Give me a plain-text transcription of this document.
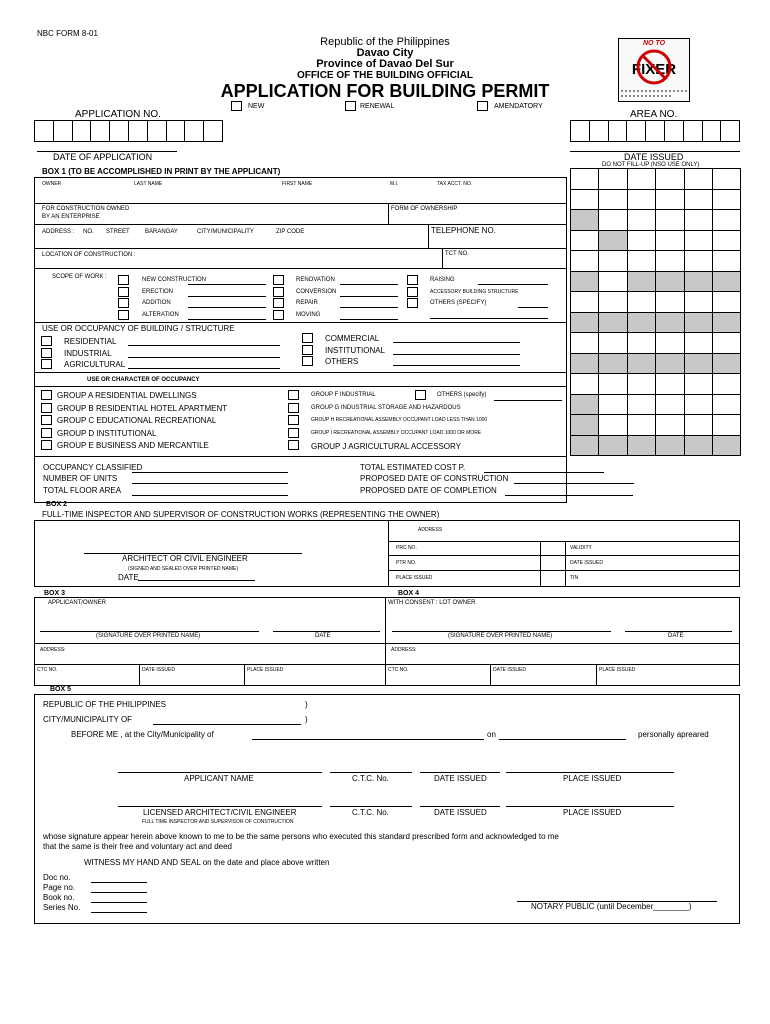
NBC FORM 8-01
Republic of the Philippines
Davao City
Province of Davao Del Sur
OFFICE OF THE BUILDING OFFICIAL
APPLICATION FOR BUILDING PERMIT
NO TO
FIXER
NEW	RENEWAL	AMENDATORY
APPLICATION NO.	AREA NO.
DATE OF APPLICATION	DATE ISSUED
DO NOT FILL-UP (NSO USE ONLY)
BOX 1 (TO BE ACCOMPLISHED IN PRINT BY THE APPLICANT)
OWNER	LAST NAME	FIRST NAME	M.I.	TAX ACCT. NO.
FOR CONSTRUCTION OWNED
BY AN ENTERPRISE
FORM OF OWNERSHIP
ADDRESS : NO. STREET	BARANGAY	CITY/MUNICIPALITY	ZIP CODE	TELEPHONE NO.
LOCATION OF CONSTRUCTION :	TCT NO.
SCOPE OF WORK :	NEW CONSTRUCTION
ERECTION
ADDITION
ALTERATION
RENOVATION
CONVERSION
REPAIR
MOVING
RAISING
ACCESSORY BUILDING STRUCTURE
OTHERS (SPECIFY)
USE OR OCCUPANCY OF BUILDING / STRUCTURE
RESIDENTIAL
INDUSTRIAL
AGRICULTURAL
COMMERCIAL
INSTITUTIONAL
OTHERS
USE OR CHARACTER OF OCCUPANCY
GROUP A RESIDENTIAL DWELLINGS
GROUP B RESIDENTIAL HOTEL APARTMENT
GROUP C EDUCATIONAL RECREATIONAL
GROUP D INSTITUTIONAL
GROUP E BUSINESS AND MERCANTILE
GROUP F INDUSTRIAL
GROUP G INDUSTRIAL STORAGE AND HAZARDOUS
GROUP H RECREATIONAL ASSEMBLY OCCUPANT LOAD LESS THAN 1000
GROUP I RECREATIONAL ASSEMBLY OCCUPANT LOAD 1000 OR MORE
GROUP J AGRICULTURAL ACCESSORY
OTHERS (specify)
OCCUPANCY CLASSIFIED
NUMBER OF UNITS
TOTAL FLOOR AREA
TOTAL ESTIMATED COST P.
PROPOSED DATE OF CONSTRUCTION
PROPOSED DATE OF COMPLETION
BOX 2
FULL-TIME INSPECTOR AND SUPERVISOR OF CONSTRUCTION WORKS (REPRESENTING THE OWNER)
ADDRESS
PRC NO.	VALIDITY
PTR NO.	DATE ISSUED
PLACE ISSUED	TIN
ARCHITECT OR CIVIL ENGINEER
(SIGNED AND SEALED OVER PRINTED NAME)
DATE
BOX 3	BOX 4
APPLICANT/OWNER	WITH CONSENT : LOT OWNER
(SIGNATURE OVER PRINTED NAME)	DATE	(SIGNATURE OVER PRINTED NAME)	DATE
ADDRESS:	ADDRESS:
CTC NO.	DATE ISSUED	PLACE ISSUED	CTC NO.	DATE ISSUED	PLACE ISSUED
BOX 5
REPUBLIC OF THE PHILIPPINES	)
CITY/MUNICIPALITY OF	)
BEFORE ME , at the City/Municipality of	on	personally apreared
APPLICANT NAME	C.T.C. No.	DATE ISSUED	PLACE ISSUED
LICENSED ARCHITECT/CIVIL ENGINEER	C.T.C. No.	DATE ISSUED	PLACE ISSUED
FULL TIME INSPECTOR AND SUPERVISOR OF CONSTRUCTION
whose signature appear herein above known to me to be the same persons who executed this standard prescribed form and acknowledged to me
that the same is their free and voluntary act and deed
WITNESS MY HAND AND SEAL on the date and place above written
Doc no.
Page no.
Book no.
Series No.	NOTARY PUBLIC (until December________)
